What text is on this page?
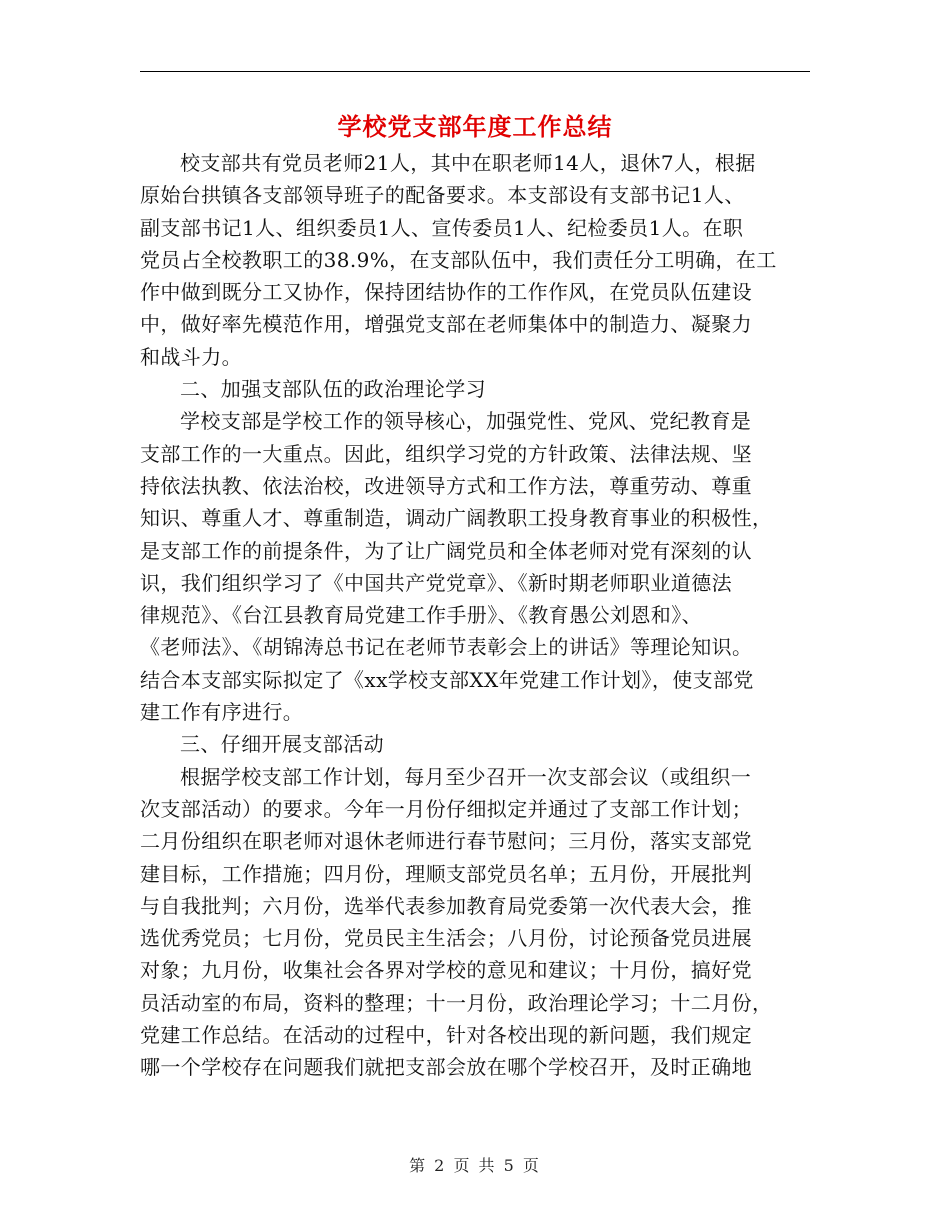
学校党支部年度工作总结

校支部共有党员老师21人，其中在职老师14人，退休7人，根据

原始台拱镇各支部领导班子的配备要求。本支部设有支部书记1人、

副支部书记1人、组织委员1人、宣传委员1人、纪检委员1人。在职

党员占全校教职工的38.9%，在支部队伍中，我们责任分工明确，在工

作中做到既分工又协作，保持团结协作的工作作风，在党员队伍建设

中，做好率先模范作用，增强党支部在老师集体中的制造力、凝聚力

和战斗力。

二、加强支部队伍的政治理论学习

学校支部是学校工作的领导核心，加强党性、党风、党纪教育是

支部工作的一大重点。因此，组织学习党的方针政策、法律法规、坚

持依法执教、依法治校，改进领导方式和工作方法，尊重劳动、尊重

知识、尊重人才、尊重制造，调动广阔教职工投身教育事业的积极性，

是支部工作的前提条件，为了让广阔党员和全体老师对党有深刻的认

识，我们组织学习了《中国共产党党章》、《新时期老师职业道德法

律规范》、《台江县教育局党建工作手册》、《教育愚公刘恩和》、

《老师法》、《胡锦涛总书记在老师节表彰会上的讲话》等理论知识。

结合本支部实际拟定了《xx学校支部XX年党建工作计划》，使支部党

建工作有序进行。

三、仔细开展支部活动

根据学校支部工作计划，每月至少召开一次支部会议（或组织一

次支部活动）的要求。今年一月份仔细拟定并通过了支部工作计划；

二月份组织在职老师对退休老师进行春节慰问；三月份，落实支部党

建目标，工作措施；四月份，理顺支部党员名单；五月份，开展批判

与自我批判；六月份，选举代表参加教育局党委第一次代表大会，推

选优秀党员；七月份，党员民主生活会；八月份，讨论预备党员进展

对象；九月份，收集社会各界对学校的意见和建议；十月份，搞好党

员活动室的布局，资料的整理；十一月份，政治理论学习；十二月份，

党建工作总结。在活动的过程中，针对各校出现的新问题，我们规定

哪一个学校存在问题我们就把支部会放在哪个学校召开，及时正确地

第 2 页 共 5 页
